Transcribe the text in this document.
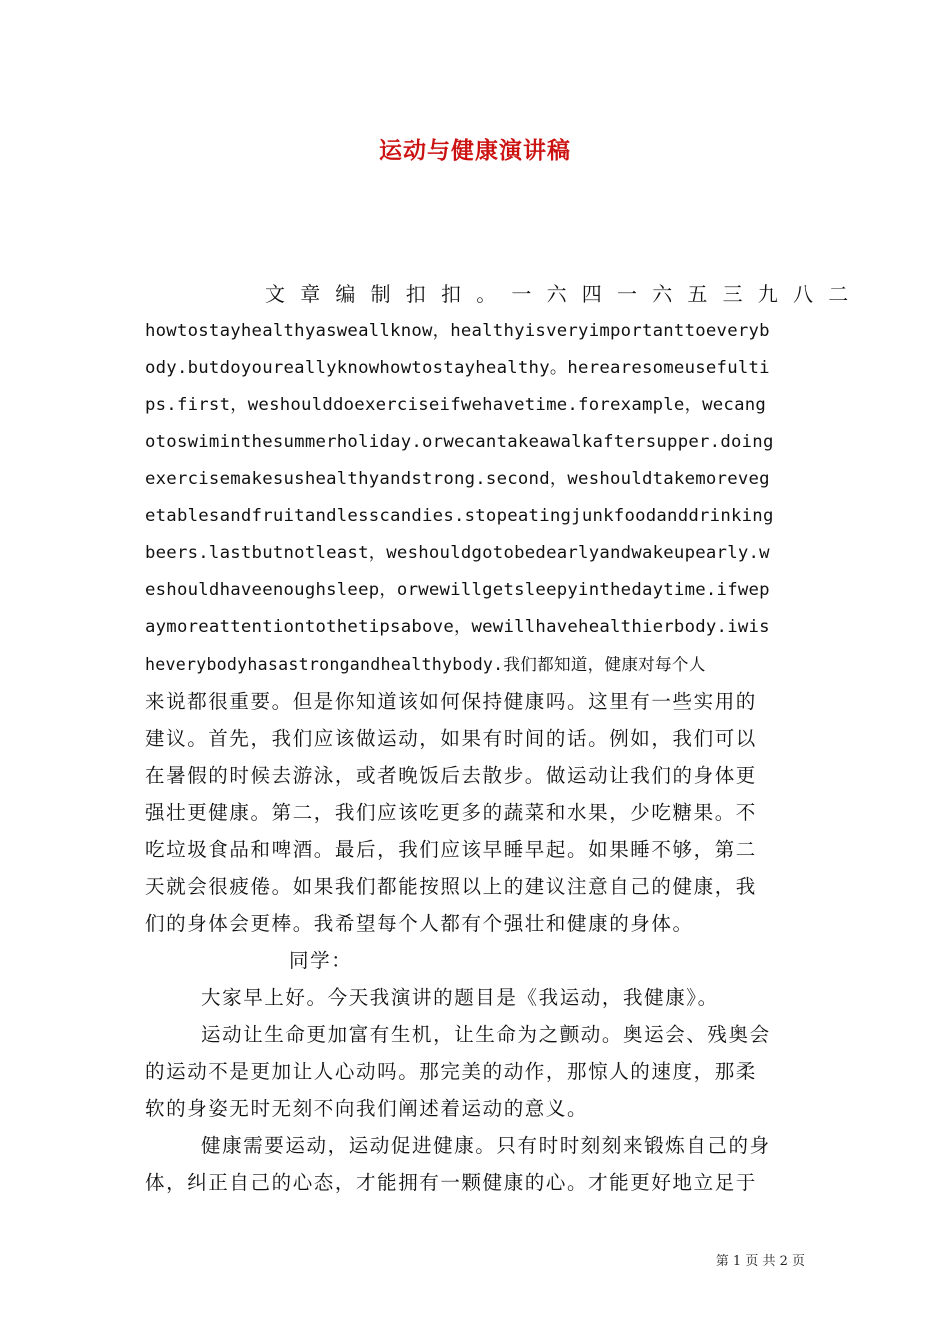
运动与健康演讲稿
文章编制扣扣。一六四一六五三九八二
howtostayhealthyasweallknow，healthyisveryimportanttoeveryb
ody.butdoyoureallyknowhowtostayhealthy。herearesomeusefulti
ps.first，weshoulddoexerciseifwehavetime.forexample，wecang
otoswiminthesummerholiday.orwecantakeawalkaftersupper.doing
exercisemakesushealthyandstrong.second，weshouldtakemoreveg
etablesandfruitandlesscandies.stopeatingjunkfoodanddrinking
beers.lastbutnotleast，weshouldgotobedearlyandwakeupearly.w
eshouldhaveenoughsleep，orwewillgetsleepyinthedaytime.ifwep
aymoreattentiontothetipsabove，wewillhavehealthierbody.iwis
heverybodyhasastrongandhealthybody.我们都知道，健康对每个人
来说都很重要。但是你知道该如何保持健康吗。这里有一些实用的
建议。首先，我们应该做运动，如果有时间的话。例如，我们可以
在暑假的时候去游泳，或者晚饭后去散步。做运动让我们的身体更
强壮更健康。第二，我们应该吃更多的蔬菜和水果，少吃糖果。不
吃垃圾食品和啤酒。最后，我们应该早睡早起。如果睡不够，第二
天就会很疲倦。如果我们都能按照以上的建议注意自己的健康，我
们的身体会更棒。我希望每个人都有个强壮和健康的身体。
同学：
大家早上好。今天我演讲的题目是《我运动，我健康》。
运动让生命更加富有生机，让生命为之颤动。奥运会、残奥会
的运动不是更加让人心动吗。那完美的动作，那惊人的速度，那柔
软的身姿无时无刻不向我们阐述着运动的意义。
健康需要运动，运动促进健康。只有时时刻刻来锻炼自己的身
体，纠正自己的心态，才能拥有一颗健康的心。才能更好地立足于
第 1 页 共 2 页
